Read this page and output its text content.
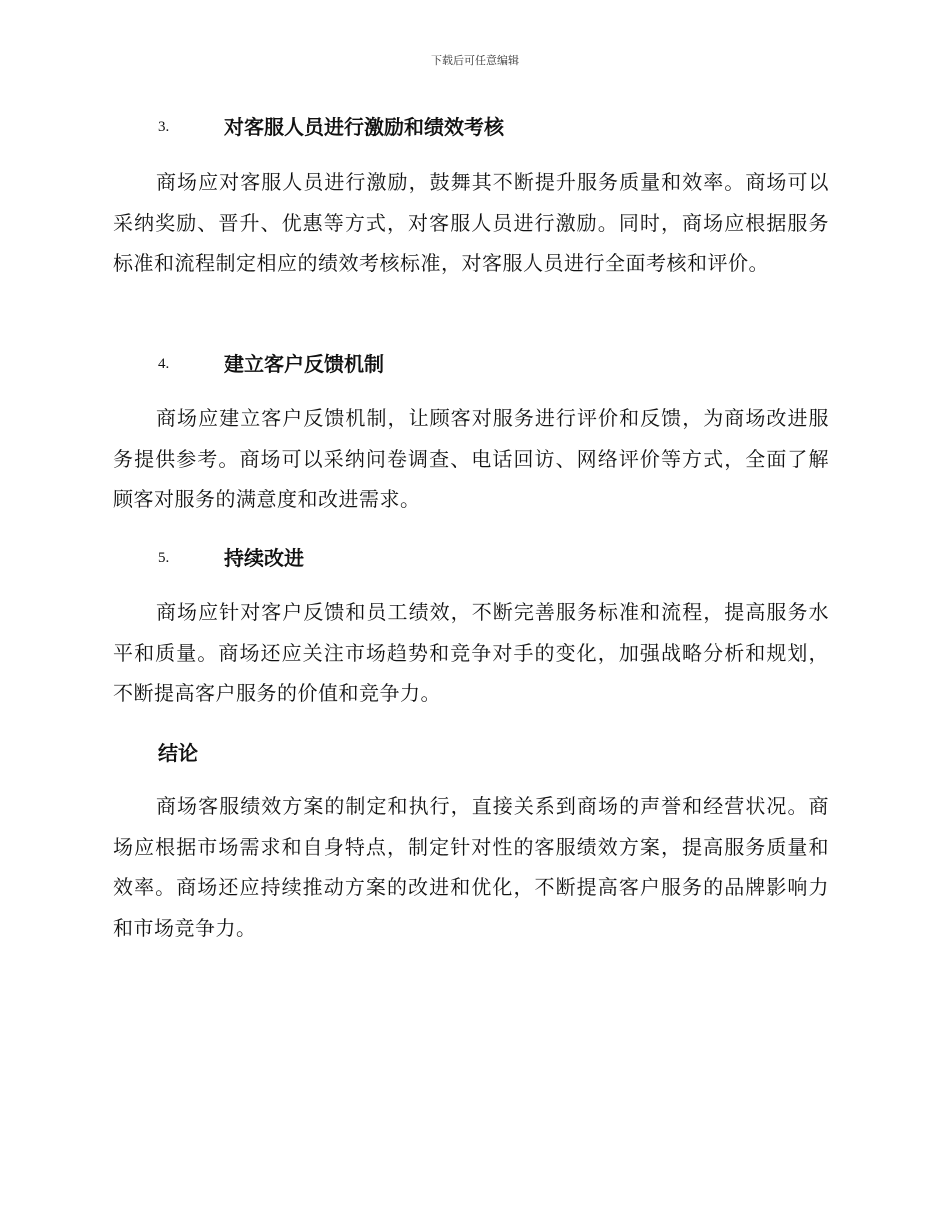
下载后可任意编辑
3.	对客服人员进行激励和绩效考核

商场应对客服人员进行激励，鼓舞其不断提升服务质量和效率。商场可以采纳奖励、晋升、优惠等方式，对客服人员进行激励。同时，商场应根据服务标准和流程制定相应的绩效考核标准，对客服人员进行全面考核和评价。

4.	建立客户反馈机制

商场应建立客户反馈机制，让顾客对服务进行评价和反馈，为商场改进服务提供参考。商场可以采纳问卷调查、电话回访、网络评价等方式，全面了解顾客对服务的满意度和改进需求。

5.	持续改进

商场应针对客户反馈和员工绩效，不断完善服务标准和流程，提高服务水平和质量。商场还应关注市场趋势和竞争对手的变化，加强战略分析和规划，不断提高客户服务的价值和竞争力。

结论

商场客服绩效方案的制定和执行，直接关系到商场的声誉和经营状况。商场应根据市场需求和自身特点，制定针对性的客服绩效方案，提高服务质量和效率。商场还应持续推动方案的改进和优化，不断提高客户服务的品牌影响力和市场竞争力。
